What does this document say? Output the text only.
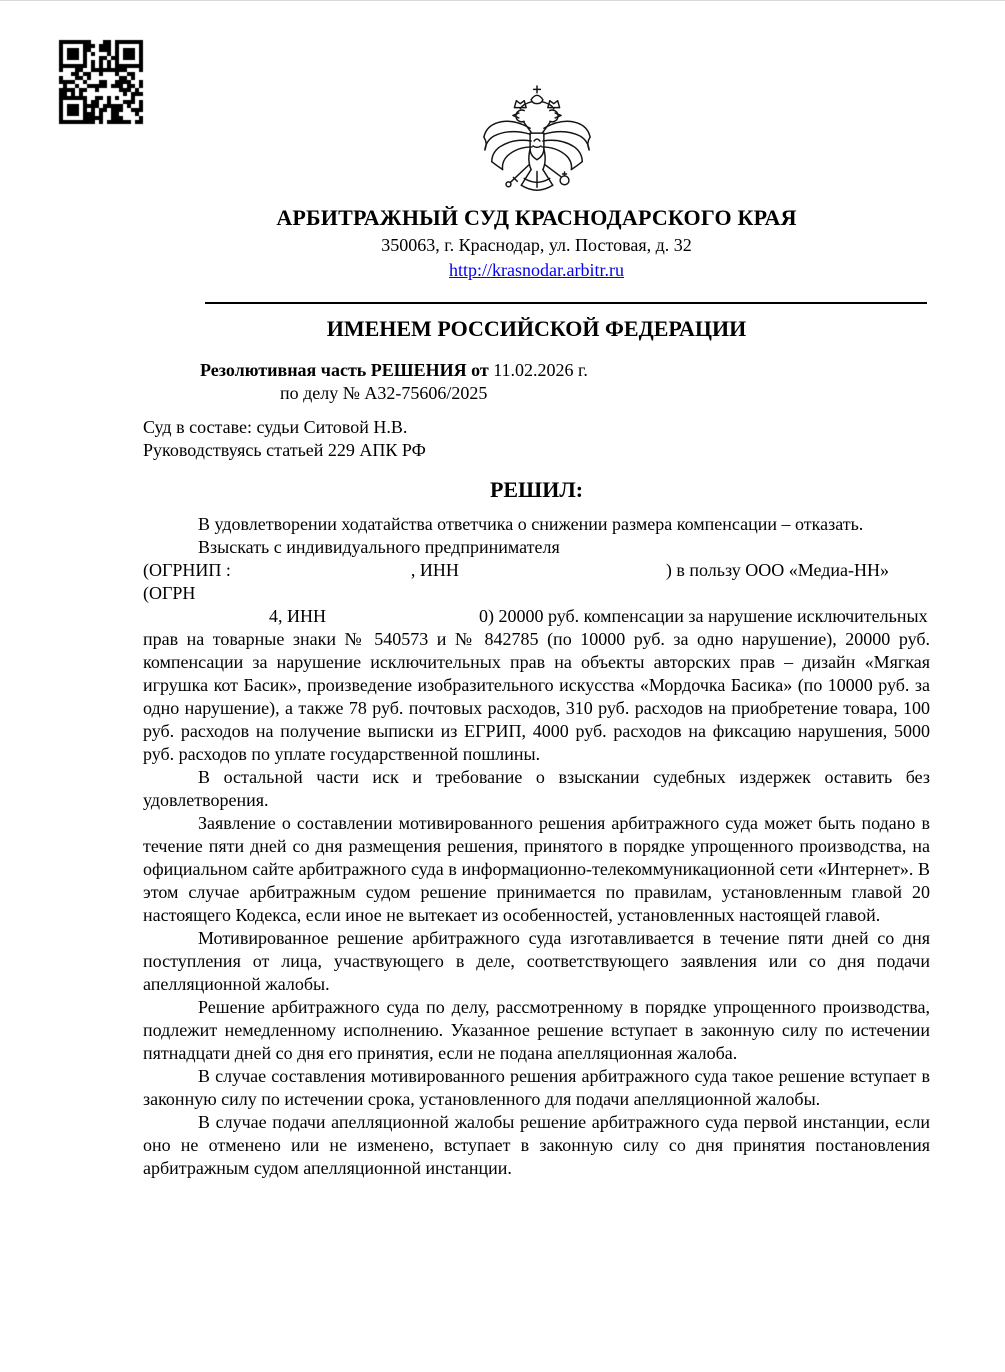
АРБИТРАЖНЫЙ СУД КРАСНОДАРСКОГО КРАЯ
350063, г. Краснодар, ул. Постовая, д. 32
http://krasnodar.arbitr.ru
ИМЕНЕМ РОССИЙСКОЙ ФЕДЕРАЦИИ
Резолютивная часть РЕШЕНИЯ от 11.02.2026 г.
по делу № А32-75606/2025
Суд в составе: судьи Ситовой Н.В.
Руководствуясь статьей 229 АПК РФ
РЕШИЛ:
В удовлетворении ходатайства ответчика о снижении размера компенсации – отказать.
Взыскать с индивидуального предпринимателя
(ОГРНИП :                                        , ИНН                                              ) в пользу ООО «Медиа-НН» (ОГРН
4, ИНН                                  0) 20000 руб. компенсации за нарушение исключительных
прав на товарные знаки № 540573 и № 842785 (по 10000 руб. за одно нарушение), 20000 руб. компенсации за нарушение исключительных прав на объекты авторских прав – дизайн «Мягкая игрушка кот Басик», произведение изобразительного искусства «Мордочка Басика» (по 10000 руб. за одно нарушение), а также 78 руб. почтовых расходов, 310 руб. расходов на приобретение товара, 100 руб. расходов на получение выписки из ЕГРИП, 4000 руб. расходов на фиксацию нарушения, 5000 руб. расходов по уплате государственной пошлины.
В остальной части иск и требование о взыскании судебных издержек оставить без удовлетворения.
Заявление о составлении мотивированного решения арбитражного суда может быть подано в течение пяти дней со дня размещения решения, принятого в порядке упрощенного производства, на официальном сайте арбитражного суда в информационно-телекоммуникационной сети «Интернет». В этом случае арбитражным судом решение принимается по правилам, установленным главой 20 настоящего Кодекса, если иное не вытекает из особенностей, установленных настоящей главой.
Мотивированное решение арбитражного суда изготавливается в течение пяти дней со дня поступления от лица, участвующего в деле, соответствующего заявления или со дня подачи апелляционной жалобы.
Решение арбитражного суда по делу, рассмотренному в порядке упрощенного производства, подлежит немедленному исполнению. Указанное решение вступает в законную силу по истечении пятнадцати дней со дня его принятия, если не подана апелляционная жалоба.
В случае составления мотивированного решения арбитражного суда такое решение вступает в законную силу по истечении срока, установленного для подачи апелляционной жалобы.
В случае подачи апелляционной жалобы решение арбитражного суда первой инстанции, если оно не отменено или не изменено, вступает в законную силу со дня принятия постановления арбитражным судом апелляционной инстанции.
